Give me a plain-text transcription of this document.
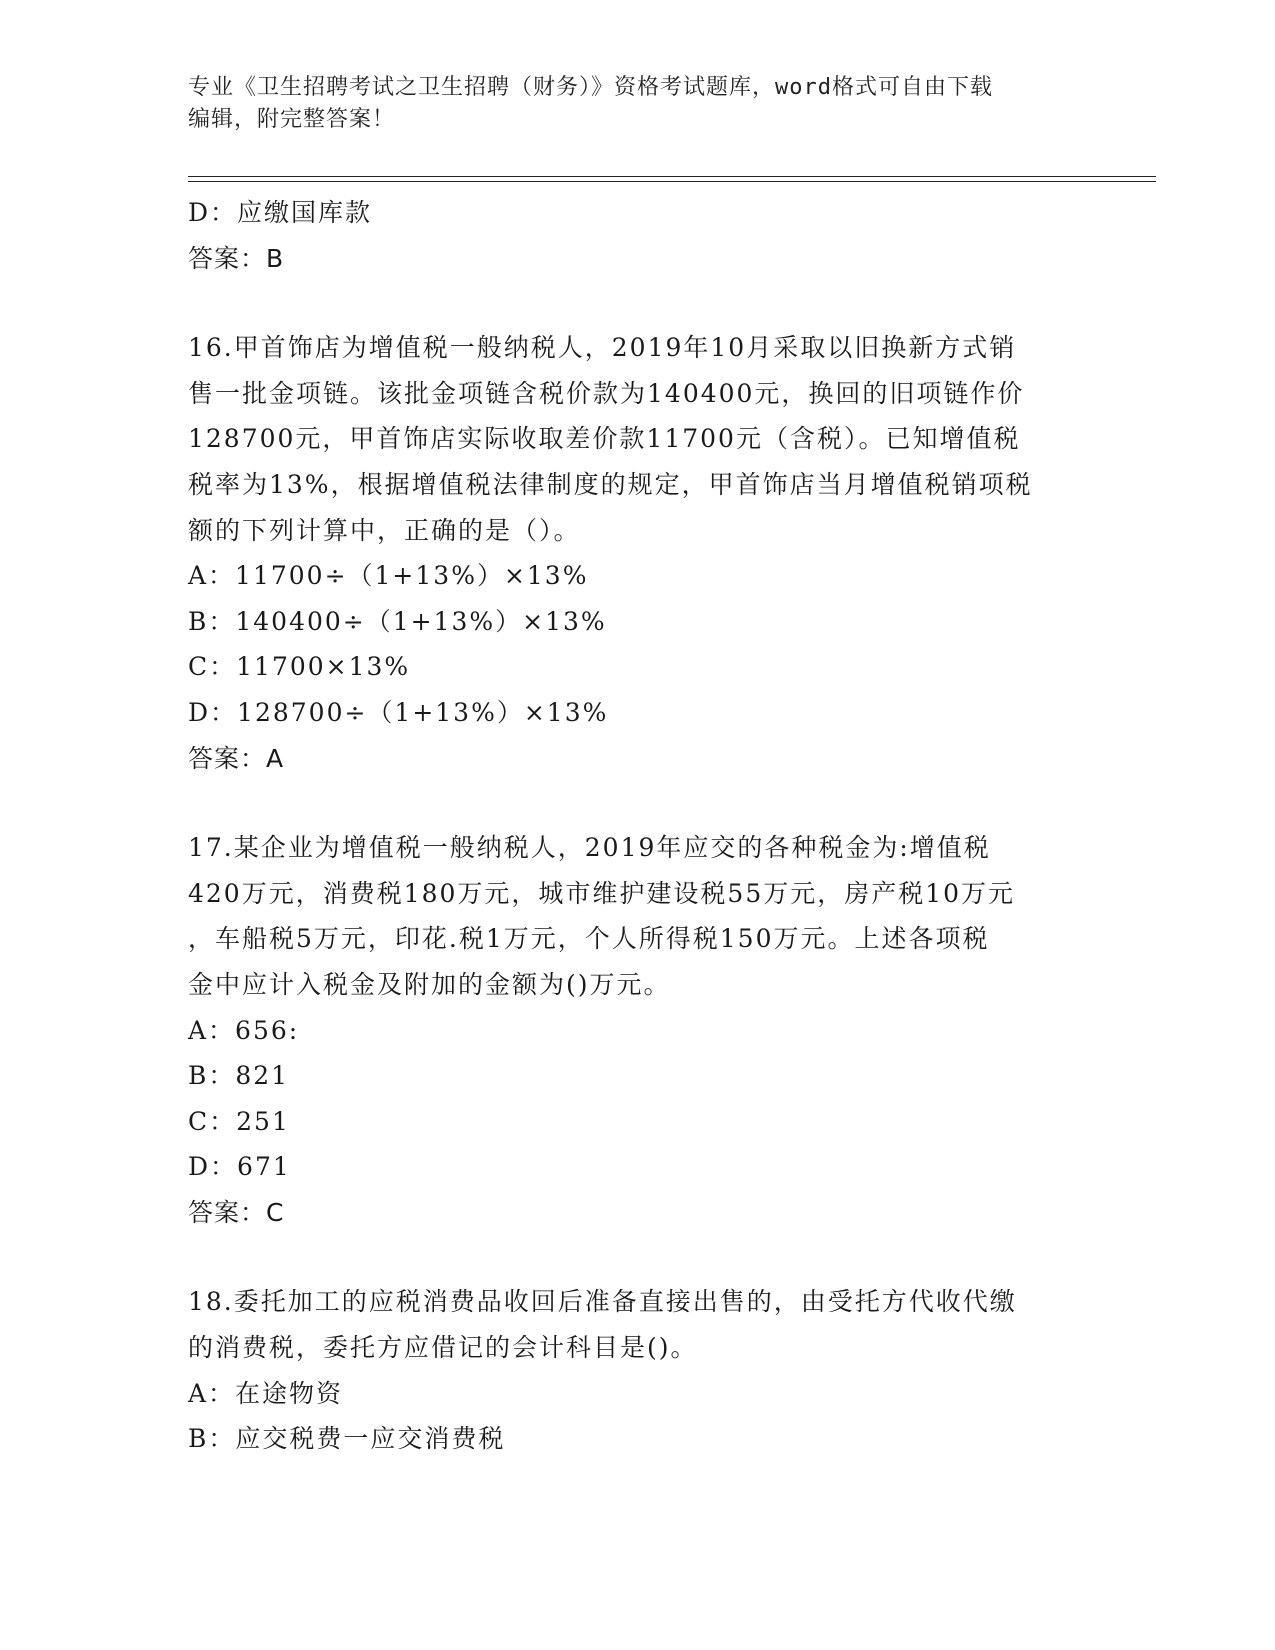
专业《卫生招聘考试之卫生招聘（财务）》资格考试题库，word格式可自由下载
编辑，附完整答案！
D：应缴国库款
答案：B
16.甲首饰店为增值税一般纳税人，2019年10月采取以旧换新方式销
售一批金项链。该批金项链含税价款为140400元，换回的旧项链作价
128700元，甲首饰店实际收取差价款11700元（含税）。已知增值税
税率为13%，根据增值税法律制度的规定，甲首饰店当月增值税销项税
额的下列计算中，正确的是（）。
A：11700÷（1+13%）×13%
B：140400÷（1+13%）×13%
C：11700×13%
D：128700÷（1+13%）×13%
答案：A
17.某企业为增值税一般纳税人，2019年应交的各种税金为:增值税
420万元，消费税180万元，城市维护建设税55万元，房产税10万元
，车船税5万元，印花.税1万元，个人所得税150万元。上述各项税
金中应计入税金及附加的金额为()万元。
A：656:
B：821
C：251
D：671
答案：C
18.委托加工的应税消费品收回后准备直接出售的，由受托方代收代缴
的消费税，委托方应借记的会计科目是()。
A：在途物资
B：应交税费一应交消费税
